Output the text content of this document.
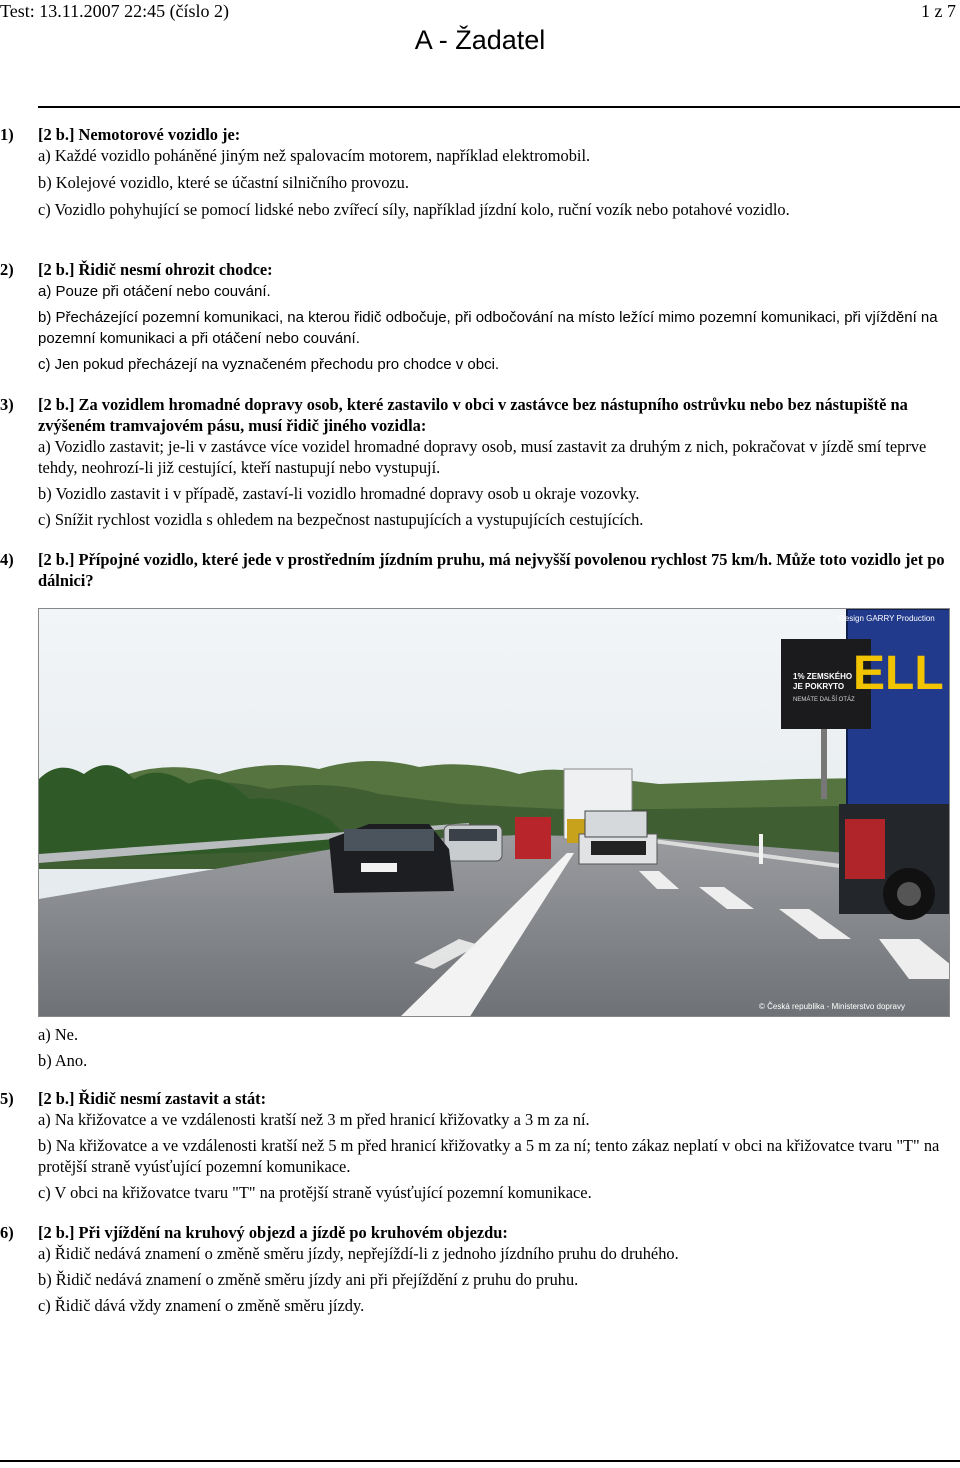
Test: 13.11.2007 22:45 (číslo 2)	1 z 7
A - Žadatel
1)	[2 b.] Nemotorové vozidlo je:
a) Každé vozidlo poháněné jiným než spalovacím motorem, například elektromobil.
b) Kolejové vozidlo, které se účastní silničního provozu.
c) Vozidlo pohyhující se pomocí lidské nebo zvířecí síly, například jízdní kolo, ruční vozík nebo potahové vozidlo.
2)	[2 b.] Řidič nesmí ohrozit chodce:
a) Pouze při otáčení nebo couvání.
b) Přecházející pozemní komunikaci, na kterou řidič odbočuje, při odbočování na místo ležící mimo pozemní komunikaci, při vjíždění na pozemní komunikaci a při otáčení nebo couvání.
c) Jen pokud přecházejí na vyznačeném přechodu pro chodce v obci.
3)	[2 b.] Za vozidlem hromadné dopravy osob, které zastavilo v obci v zastávce bez nástupního ostrůvku nebo bez nástupiště na zvýšeném tramvajovém pásu, musí řidič jiného vozidla:
a) Vozidlo zastavit; je-li v zastávce více vozidel hromadné dopravy osob, musí zastavit za druhým z nich, pokračovat v jízdě smí teprve tehdy, neohrozí-li již cestující, kteří nastupují nebo vystupují.
b) Vozidlo zastavit i v případě, zastaví-li vozidlo hromadné dopravy osob u okraje vozovky.
c) Snížit rychlost vozidla s ohledem na bezpečnost nastupujících a vystupujících cestujících.
4)	[2 b.] Přípojné vozidlo, které jede v prostředním jízdním pruhu, má nejvyšší povolenou rychlost 75 km/h. Může toto vozidlo jet po dálnici?
1% ZEMSKÉHO
JE POKRYTO
NEMÁTE DALŠÍ OTÁZ
ELL
Design GARRY Production
© Česká republika - Ministerstvo dopravy
a) Ne.
b) Ano.
5)	[2 b.] Řidič nesmí zastavit a stát:
a) Na křižovatce a ve vzdálenosti kratší než 3 m před hranicí křižovatky a 3 m za ní.
b) Na křižovatce a ve vzdálenosti kratší než 5 m před hranicí křižovatky a 5 m za ní; tento zákaz neplatí v obci na křižovatce tvaru "T" na protější straně vyúsťující pozemní komunikace.
c) V obci na křižovatce tvaru "T" na protější straně vyúsťující pozemní komunikace.
6)	[2 b.] Při vjíždění na kruhový objezd a jízdě po kruhovém objezdu:
a) Řidič nedává znamení o změně směru jízdy, nepřejíždí-li z jednoho jízdního pruhu do druhého.
b) Řidič nedává znamení o změně směru jízdy ani při přejíždění z pruhu do pruhu.
c) Řidič dává vždy znamení o změně směru jízdy.
